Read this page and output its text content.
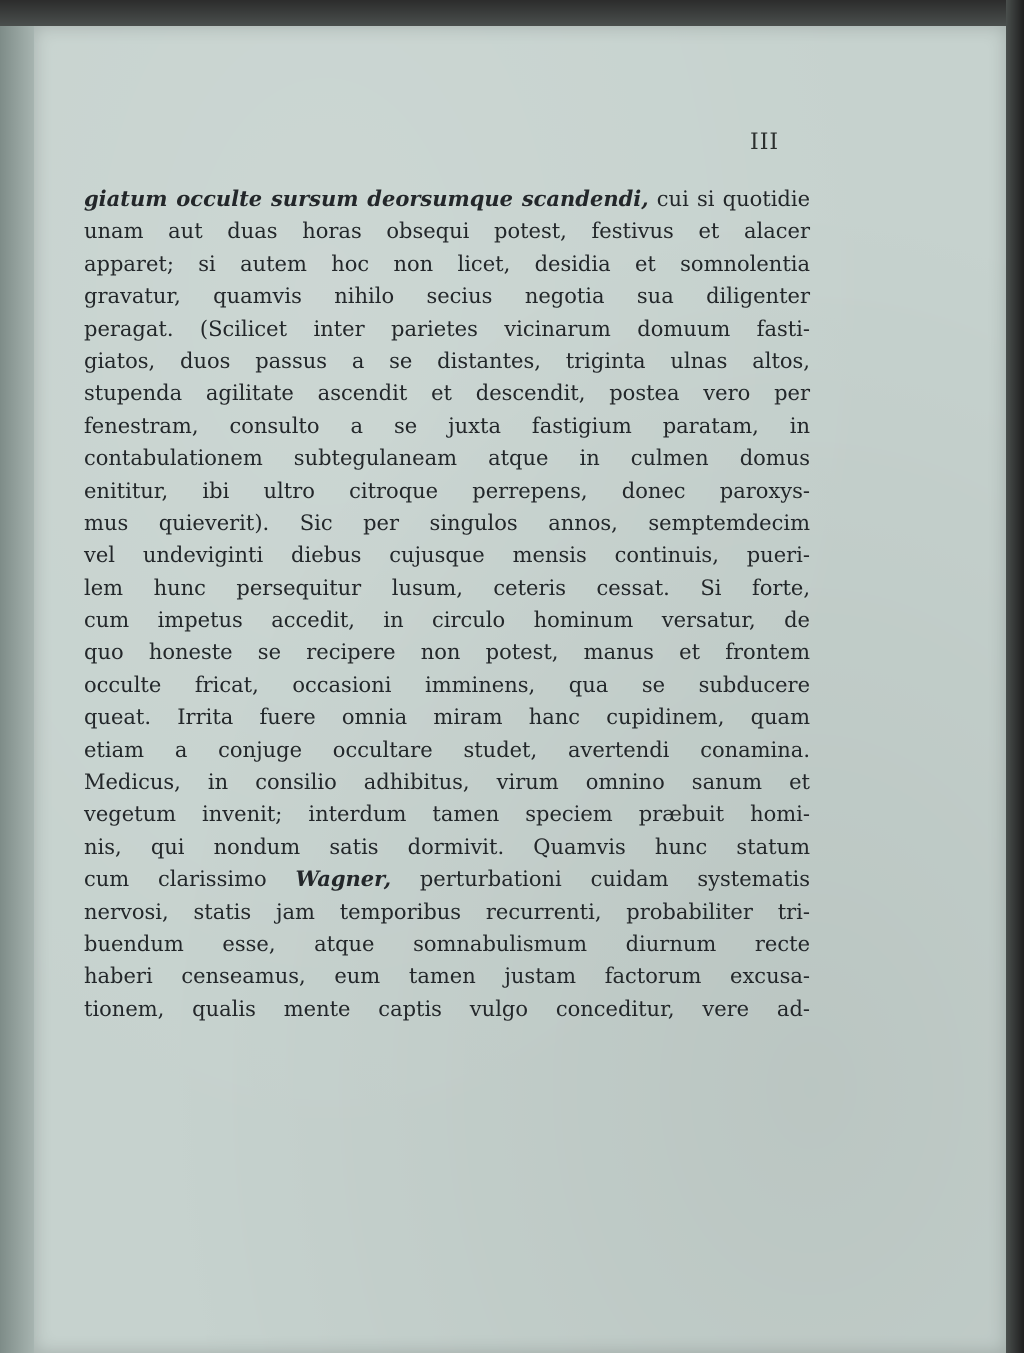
III
giatum occulte sursum deorsumque scandendi, cui si quotidie
unam aut duas horas obsequi potest, festivus et alacer
apparet; si autem hoc non licet, desidia et somnolentia
gravatur, quamvis nihilo secius negotia sua diligenter
peragat. (Scilicet inter parietes vicinarum domuum fasti-
giatos, duos passus a se distantes, triginta ulnas altos,
stupenda agilitate ascendit et descendit, postea vero per
fenestram, consulto a se juxta fastigium paratam, in
contabulationem subtegulaneam atque in culmen domus
enititur, ibi ultro citroque perrepens, donec paroxys-
mus quieverit). Sic per singulos annos, semptemdecim
vel undeviginti diebus cujusque mensis continuis, pueri-
lem hunc persequitur lusum, ceteris cessat. Si forte,
cum impetus accedit, in circulo hominum versatur, de
quo honeste se recipere non potest, manus et frontem
occulte fricat, occasioni imminens, qua se subducere
queat. Irrita fuere omnia miram hanc cupidinem, quam
etiam a conjuge occultare studet, avertendi conamina.
Medicus, in consilio adhibitus, virum omnino sanum et
vegetum invenit; interdum tamen speciem præbuit homi-
nis, qui nondum satis dormivit. Quamvis hunc statum
cum clarissimo Wagner, perturbationi cuidam systematis
nervosi, statis jam temporibus recurrenti, probabiliter tri-
buendum esse, atque somnabulismum diurnum recte
haberi censeamus, eum tamen justam factorum excusa-
tionem, qualis mente captis vulgo conceditur, vere ad-
